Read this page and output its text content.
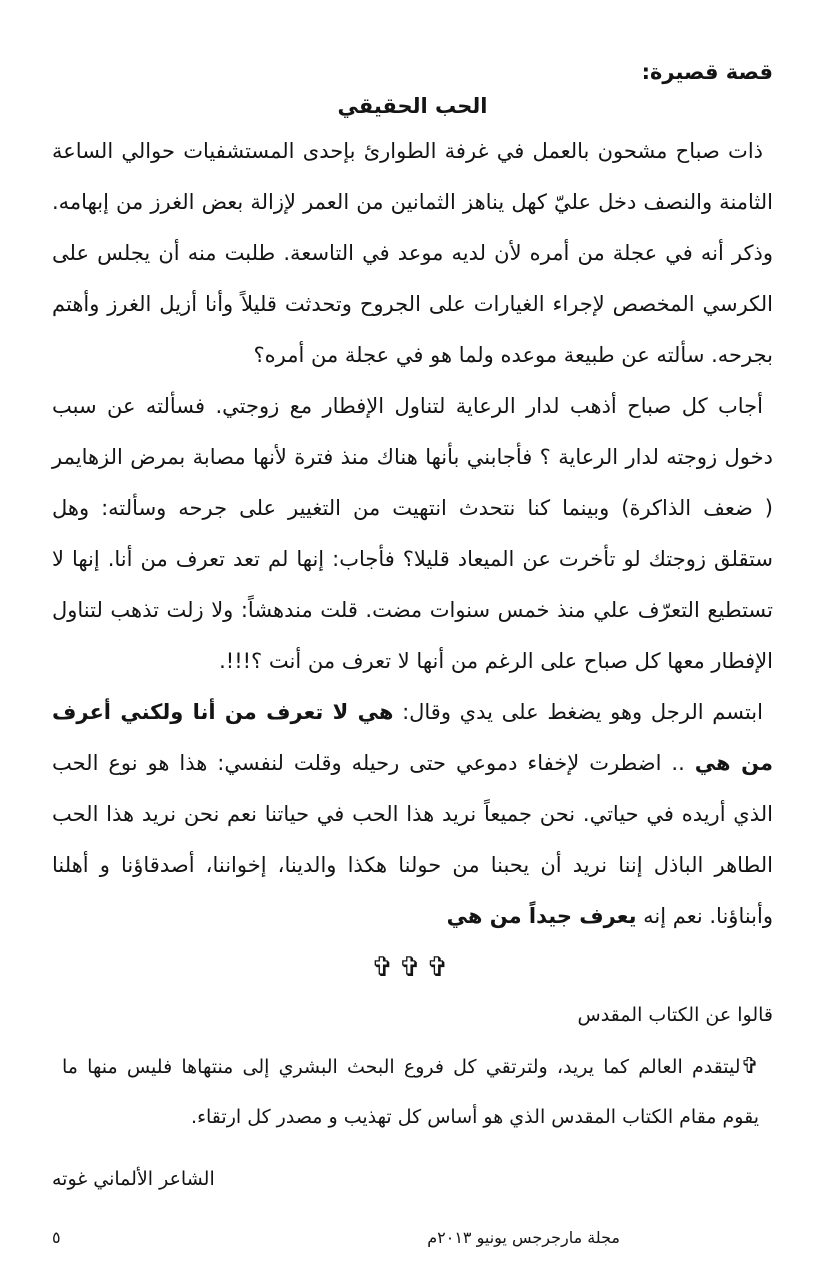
قصة قصيرة:

الحب الحقيقي

ذات صباح مشحون بالعمل في غرفة الطوارئ بإحدى المستشفيات حوالي الساعة الثامنة والنصف دخل عليّ كهل يناهز الثمانين من العمر لإزالة بعض الغرز من إبهامه. وذكر أنه في عجلة من أمره لأن لديه موعد في التاسعة. طلبت منه أن يجلس على الكرسي المخصص لإجراء الغيارات على الجروح وتحدثت قليلاً وأنا أزيل الغرز وأهتم بجرحه. سألته عن طبيعة موعده ولما هو في عجلة من أمره؟

أجاب كل صباح أذهب لدار الرعاية لتناول الإفطار مع زوجتي. فسألته عن سبب دخول زوجته لدار الرعاية ؟ فأجابني بأنها هناك منذ فترة لأنها مصابة بمرض الزهايمر ( ضعف الذاكرة) وبينما كنا نتحدث انتهيت من التغيير على جرحه وسألته: وهل ستقلق زوجتك لو تأخرت عن الميعاد قليلا؟ فأجاب: إنها لم تعد تعرف من أنا. إنها لا تستطيع التعرّف علي منذ خمس سنوات مضت. قلت مندهشاً: ولا زلت تذهب لتناول الإفطار معها كل صباح على الرغم من أنها لا تعرف من أنت ؟!!!.

ابتسم الرجل وهو يضغط على يدي وقال: هي لا تعرف من أنا ولكني أعرف من هي .. اضطرت لإخفاء دموعي حتى رحيله وقلت لنفسي: هذا هو نوع الحب الذي أريده في حياتي. نحن جميعاً نريد هذا الحب في حياتنا نعم نحن نريد هذا الحب الطاهر الباذل إننا نريد أن يحبنا من حولنا هكذا والدينا، إخواننا، أصدقاؤنا و أهلنا وأبناؤنا. نعم إنه يعرف جيداً من هي

✞✞✞

قالوا عن الكتاب المقدس

✞ليتقدم العالم كما يريد، ولترتقي كل فروع البحث البشري إلى منتهاها فليس منها ما يقوم مقام الكتاب المقدس الذي هو أساس كل تهذيب و مصدر كل ارتقاء.

الشاعر الألماني غوته

مجلة مارجرجس يونيو ٢٠١٣م
٥
